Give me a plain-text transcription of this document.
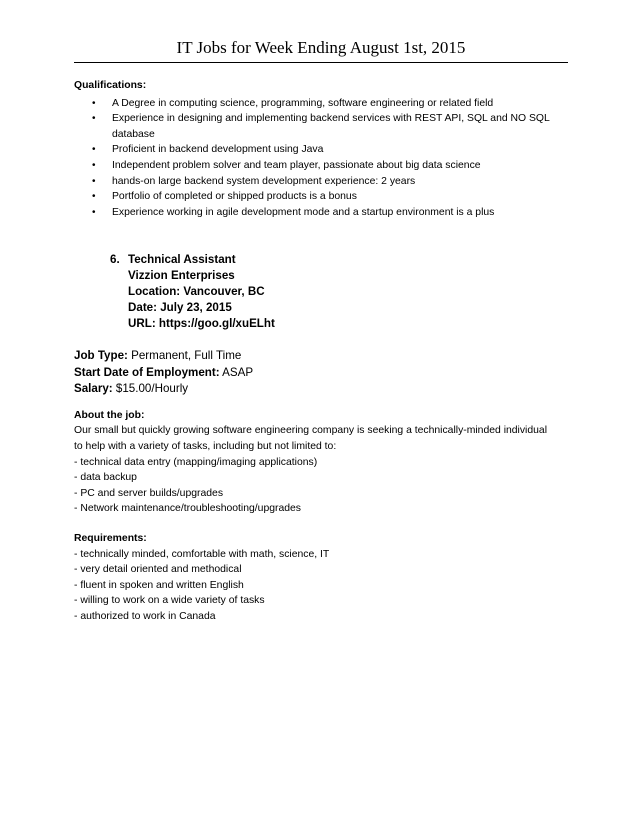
IT Jobs for Week Ending August 1st, 2015
Qualifications:
• A Degree in computing science, programming, software engineering or related field
• Experience in designing and implementing backend services with REST API, SQL and NO SQL database
• Proficient in backend development using Java
• Independent problem solver and team player, passionate about big data science
• hands-on large backend system development experience: 2 years
• Portfolio of completed or shipped products is a bonus
• Experience working in agile development mode and a startup environment is a plus
6. Technical Assistant
Vizzion Enterprises
Location: Vancouver, BC
Date: July 23, 2015
URL: https://goo.gl/xuELht
Job Type: Permanent, Full Time
Start Date of Employment: ASAP
Salary: $15.00/Hourly
About the job:
Our small but quickly growing software engineering company is seeking a technically-minded individual
to help with a variety of tasks, including but not limited to:
- technical data entry (mapping/imaging applications)
- data backup
- PC and server builds/upgrades
- Network maintenance/troubleshooting/upgrades
Requirements:
- technically minded, comfortable with math, science, IT
- very detail oriented and methodical
- fluent in spoken and written English
- willing to work on a wide variety of tasks
- authorized to work in Canada
